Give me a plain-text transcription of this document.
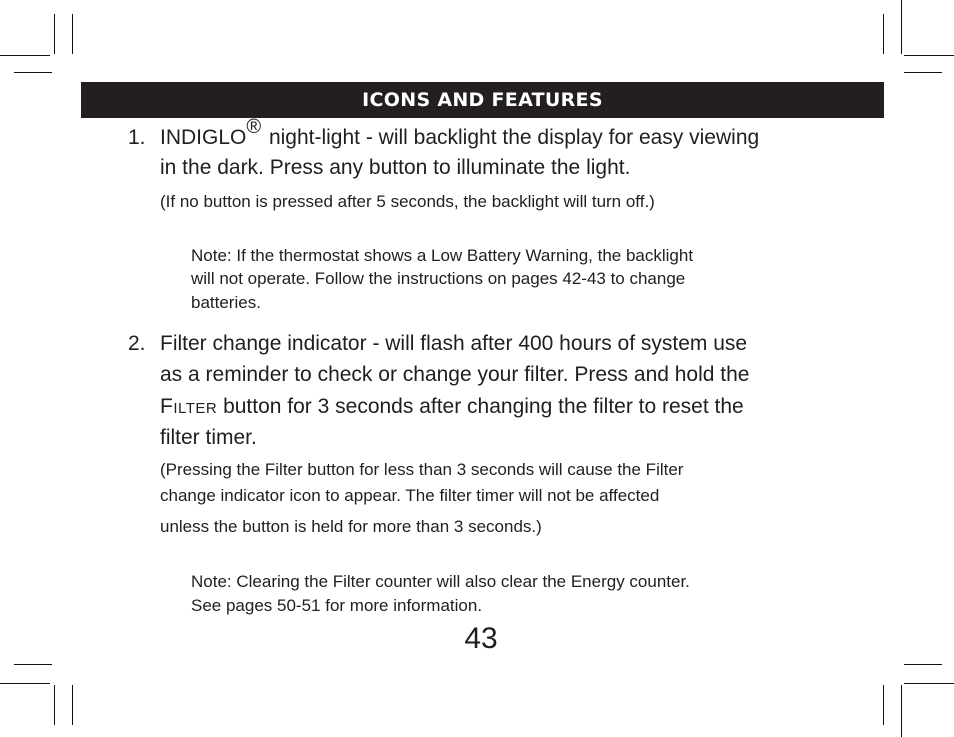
ICONS AND FEATURES
1. INDIGLO® night-light - will backlight the display for easy viewing
in the dark. Press any button to illuminate the light.
(If no button is pressed after 5 seconds, the backlight will turn off.)
Note: If the thermostat shows a Low Battery Warning, the backlight
will not operate. Follow the instructions on pages 42-43 to change
batteries.
2. Filter change indicator - will flash after 400 hours of system use
as a reminder to check or change your filter. Press and hold the
Filter button for 3 seconds after changing the filter to reset the
filter timer.
(Pressing the Filter button for less than 3 seconds will cause the Filter
change indicator icon to appear. The filter timer will not be affected
unless the button is held for more than 3 seconds.)
Note: Clearing the Filter counter will also clear the Energy counter.
See pages 50-51 for more information.
43
